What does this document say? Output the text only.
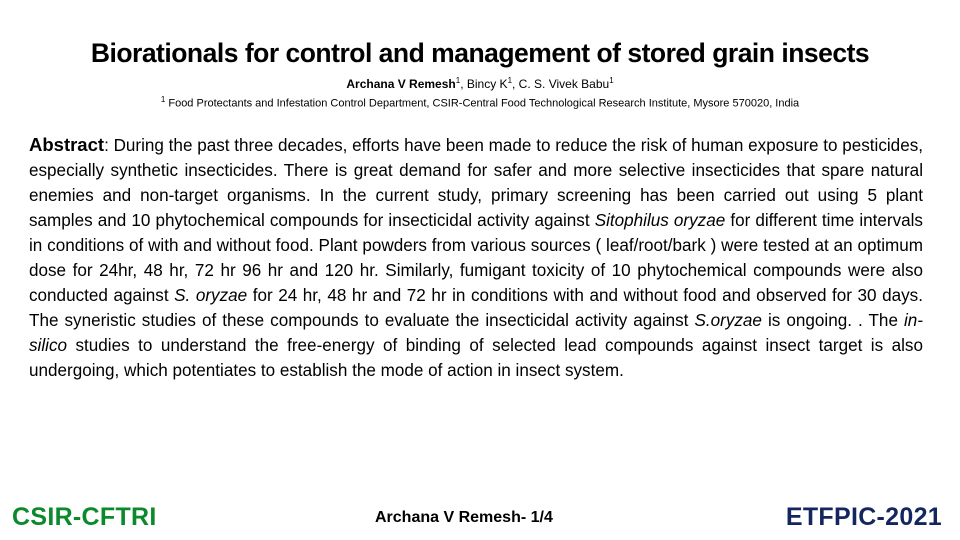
Biorationals for control and management of stored grain insects
Archana V Remesh$^1$, Bincy $K^1$, C. S. Vivek Babu$^1$
$^1$ Food Protectants and Infestation Control Department, CSIR-Central Food Technological Research Institute, Mysore 570020, India
Abstract: During the past three decades, efforts have been made to reduce the risk of human exposure to pesticides, especially synthetic insecticides. There is great demand for safer and more selective insecticides that spare natural enemies and non-target organisms. In the current study, primary screening has been carried out using 5 plant samples and 10 phytochemical compounds for insecticidal activity against Sitophilus oryzae for different time intervals in conditions of with and without food. Plant powders from various sources ( leaf/root/bark ) were tested at an optimum dose for 24hr, 48 hr, 72 hr 96 hr and 120 hr. Similarly, fumigant toxicity of 10 phytochemical compounds were also conducted against S. oryzae for 24 hr, 48 hr and 72 hr in conditions with and without food and observed for 30 days. The syneristic studies of these compounds to evaluate the insecticidal activity against S.oryzae is ongoing. . The in-silico studies to understand the free-energy of binding of selected lead compounds against insect target is also undergoing, which potentiates to establish the mode of action in insect system.
CSIR-CFTRI	Archana V Remesh- 1/4	ETFPIC-2021
